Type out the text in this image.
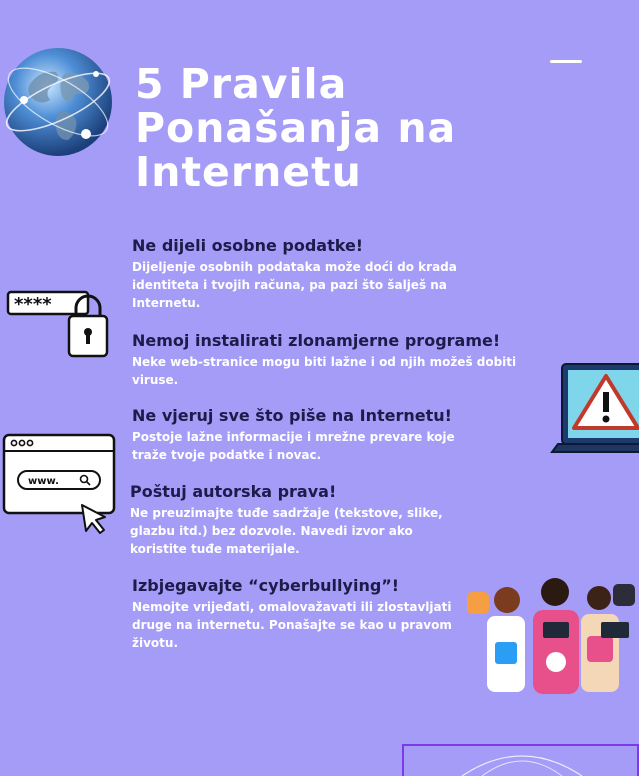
5 Pravila
Ponašanja na
Internetu
Ne dijeli osobne podatke!

Dijeljenje osobnih podataka može doći do krada identiteta i tvojih računa, pa pazi što šalješ na Internetu.

Nemoj instalirati zlonamjerne programe!

Neke web-stranice mogu biti lažne i od njih možeš dobiti viruse.

Ne vjeruj sve što piše na Internetu!

Postoje lažne informacije i mrežne prevare koje traže tvoje podatke i novac.

Poštuj autorska prava!

Ne preuzimajte tuđe sadržaje (tekstove, slike, glazbu itd.) bez dozvole. Navedi izvor ako koristite tuđe materijale.

Izbjegavajte “cyberbullying”!

Nemojte vrijeđati, omalovažavati ili zlostavljati druge na internetu. Ponašajte se kao u pravom životu.

****
www.
